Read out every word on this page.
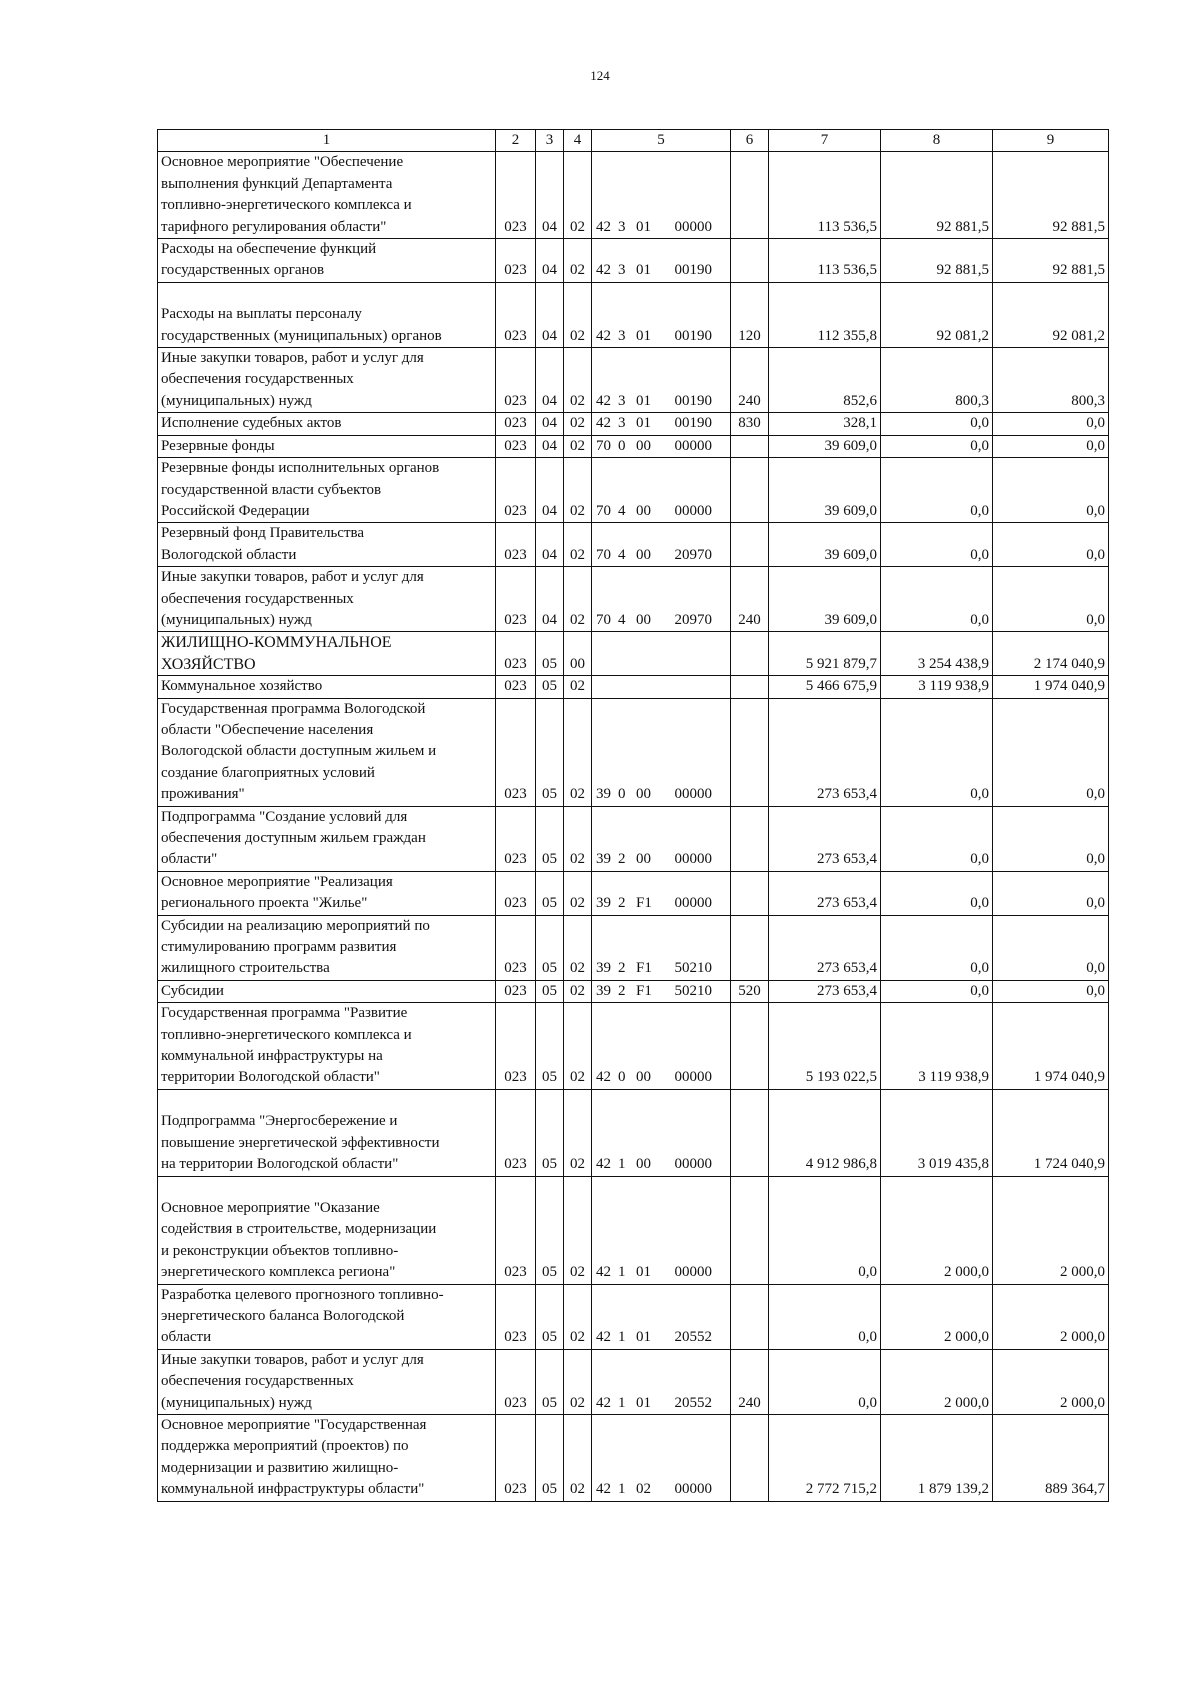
124
1	2	3	4	5	6	7	8	9

Основное мероприятие "Обеспечение
выполнения функций Департамента
топливно-энергетического комплекса и
тарифного регулирования области"	023	04	02	42 3 01 00000		113 536,5	92 881,5	92 881,5

Расходы на обеспечение функций
государственных органов	023	04	02	42 3 01 00190		113 536,5	92 881,5	92 881,5

Расходы на выплаты персоналу
государственных (муниципальных) органов	023	04	02	42 3 01 00190	120	112 355,8	92 081,2	92 081,2

Иные закупки товаров, работ и услуг для
обеспечения государственных
(муниципальных) нужд	023	04	02	42 3 01 00190	240	852,6	800,3	800,3

Исполнение судебных актов	023	04	02	42 3 01 00190	830	328,1	0,0	0,0

Резервные фонды	023	04	02	70 0 00 00000		39 609,0	0,0	0,0

Резервные фонды исполнительных органов
государственной власти субъектов
Российской Федерации	023	04	02	70 4 00 00000		39 609,0	0,0	0,0

Резервный фонд Правительства
Вологодской области	023	04	02	70 4 00 20970		39 609,0	0,0	0,0

Иные закупки товаров, работ и услуг для
обеспечения государственных
(муниципальных) нужд	023	04	02	70 4 00 20970	240	39 609,0	0,0	0,0

ЖИЛИЩНО-КОММУНАЛЬНОЕ
ХОЗЯЙСТВО	023	05	00			5 921 879,7	3 254 438,9	2 174 040,9

Коммунальное хозяйство	023	05	02			5 466 675,9	3 119 938,9	1 974 040,9

Государственная программа Вологодской
области "Обеспечение населения
Вологодской области доступным жильем и
создание благоприятных условий
проживания"	023	05	02	39 0 00 00000		273 653,4	0,0	0,0

Подпрограмма "Создание условий для
обеспечения доступным жильем граждан
области"	023	05	02	39 2 00 00000		273 653,4	0,0	0,0

Основное мероприятие "Реализация
регионального проекта "Жилье"	023	05	02	39 2 F1 00000		273 653,4	0,0	0,0

Субсидии на реализацию мероприятий по
стимулированию программ развития
жилищного строительства	023	05	02	39 2 F1 50210		273 653,4	0,0	0,0

Субсидии	023	05	02	39 2 F1 50210	520	273 653,4	0,0	0,0

Государственная программа "Развитие
топливно-энергетического комплекса и
коммунальной инфраструктуры на
территории Вологодской области"	023	05	02	42 0 00 00000		5 193 022,5	3 119 938,9	1 974 040,9

Подпрограмма "Энергосбережение и
повышение энергетической эффективности
на территории Вологодской области"	023	05	02	42 1 00 00000		4 912 986,8	3 019 435,8	1 724 040,9

Основное мероприятие "Оказание
содействия в строительстве, модернизации
и реконструкции объектов топливно-
энергетического комплекса региона"	023	05	02	42 1 01 00000		0,0	2 000,0	2 000,0

Разработка целевого прогнозного топливно-
энергетического баланса Вологодской
области	023	05	02	42 1 01 20552		0,0	2 000,0	2 000,0

Иные закупки товаров, работ и услуг для
обеспечения государственных
(муниципальных) нужд	023	05	02	42 1 01 20552	240	0,0	2 000,0	2 000,0

Основное мероприятие "Государственная
поддержка мероприятий (проектов) по
модернизации и развитию жилищно-
коммунальной инфраструктуры области"	023	05	02	42 1 02 00000		2 772 715,2	1 879 139,2	889 364,7
